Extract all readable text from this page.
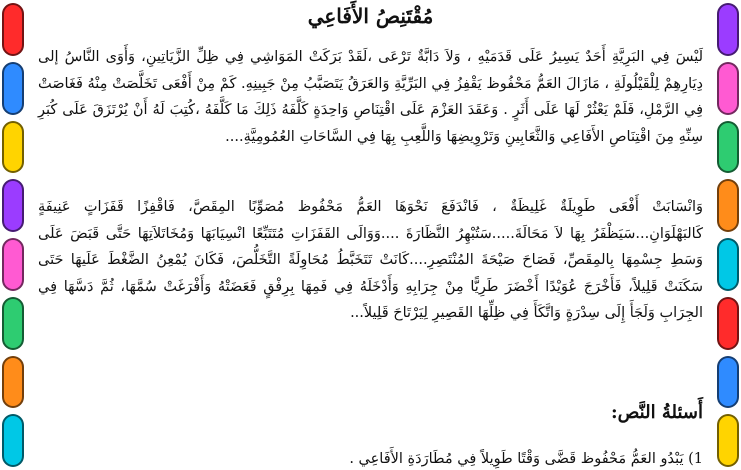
مُقْتَنِصُ الأَفَاعِي

لَيْسَ فِي البَرِيَّةِ أَحَدٌ يَسِيرُ عَلَى قَدَمَيْهِ ، وَلاَ دَابَّةٌ تَرْعَى ،لَقَدْ بَرَكَتْ المَوَاشِي فِي ظِلِّ الزَّيَاتِينِ، وَأَوَى النَّاسُ إلى دِيَارِهِمْ لِلْقَيْلُولَةِ ، مَازَالَ العَمُّ مَحْفُوظ يَقْفِزُ فِي البَرِّيَّةِ وَالعَرَقُ يَتَصَبَّبُ مِنْ جَبِينِهِ. كَمْ مِنْ أَفْعَى تَخَلَّصَتْ مِنْهُ فَغَاصَتْ فِي الرَّمْلِ، فَلَمْ يَعْثُرْ لَهَا عَلَى أَثَرٍ . وَعَقَدَ العَزْمَ عَلَى اقْتِنَاصِ وَاحِدَةٍ كَلَّفَهُ ذَلِكَ مَا كَلَّفَهُ ،كُتِبَ لَهُ أَنْ يُرْتَزَقَ عَلَى كُبَرِ سِنِّهِ مِنَ اقْتِنَاصِ الأَفَاعِي وَالثَّعَابِينِ وَتَرْوِيضِهَا وَاللَّعِبِ بِهَا فِي السَّاحَاتِ العُمُومِيَّةِ....

وَانْسَابَتْ أَفْعَى طَوِيلَةٌ غَلِيظَةٌ ، فَانْدَفَعَ نَحْوَهَا العَمُّ مَحْفُوظ مُصَوِّبًا المِقَصَّ، فَاقْفِزًا قَفَزَاتٍ عَنِيفَةٍ كَالبَهْلَوَانِ...سَيَظْفَرُ بِهَا لاَ مَحَالَةَ.....سَتُبْهِرُ النَّظَارَةَ ....وَوَالَى القَفَزَاتِ مُتَتَبِّعًا انْسِيَابَهَا وَمُخَاتَلاَتِهَا حَتَّى قَبَضَ عَلَى وَسَطِ جِسْمِهَا بِالمِقَصِّ، فَصَاحَ صَيْحَةَ المُنْتَصِرِ....كَانَتْ تَتَخَبَّطُ مُحَاوِلَةً التَّخَلُّصَ، فَكَانَ يُمْعِنُ الضَّغْطَ عَلَيهَا حَتَى سَكَنَتْ قَلِيلاً، فَأَخْرَجَ عُوَيْدًا أَخْضَرَ طَرِيًّا مِنْ جِرَابِهِ وَأَدْخَلَهُ فِي فَمِهَا بِرِفْقٍ فَعَضَتْهُ وَأَفْرَغَتْ سُمَّهَا، ثُمَّ دَسَّهَا فِي الجِرَابِ وَلَجَأَ إِلَى سِدْرَةٍ وَاتَّكَأَ فِي ظِلِّهَا القَصِيرِ لِيَرْتَاحَ قَلِيلاً...

أَسئلةُ النَّص:

1) يَبْدُو العَمُّ مَحْفُوظ قَضَّى وَقْتًا طَوِيلاً فِي مُطَارَدَةِ الأَفَاعِي .
